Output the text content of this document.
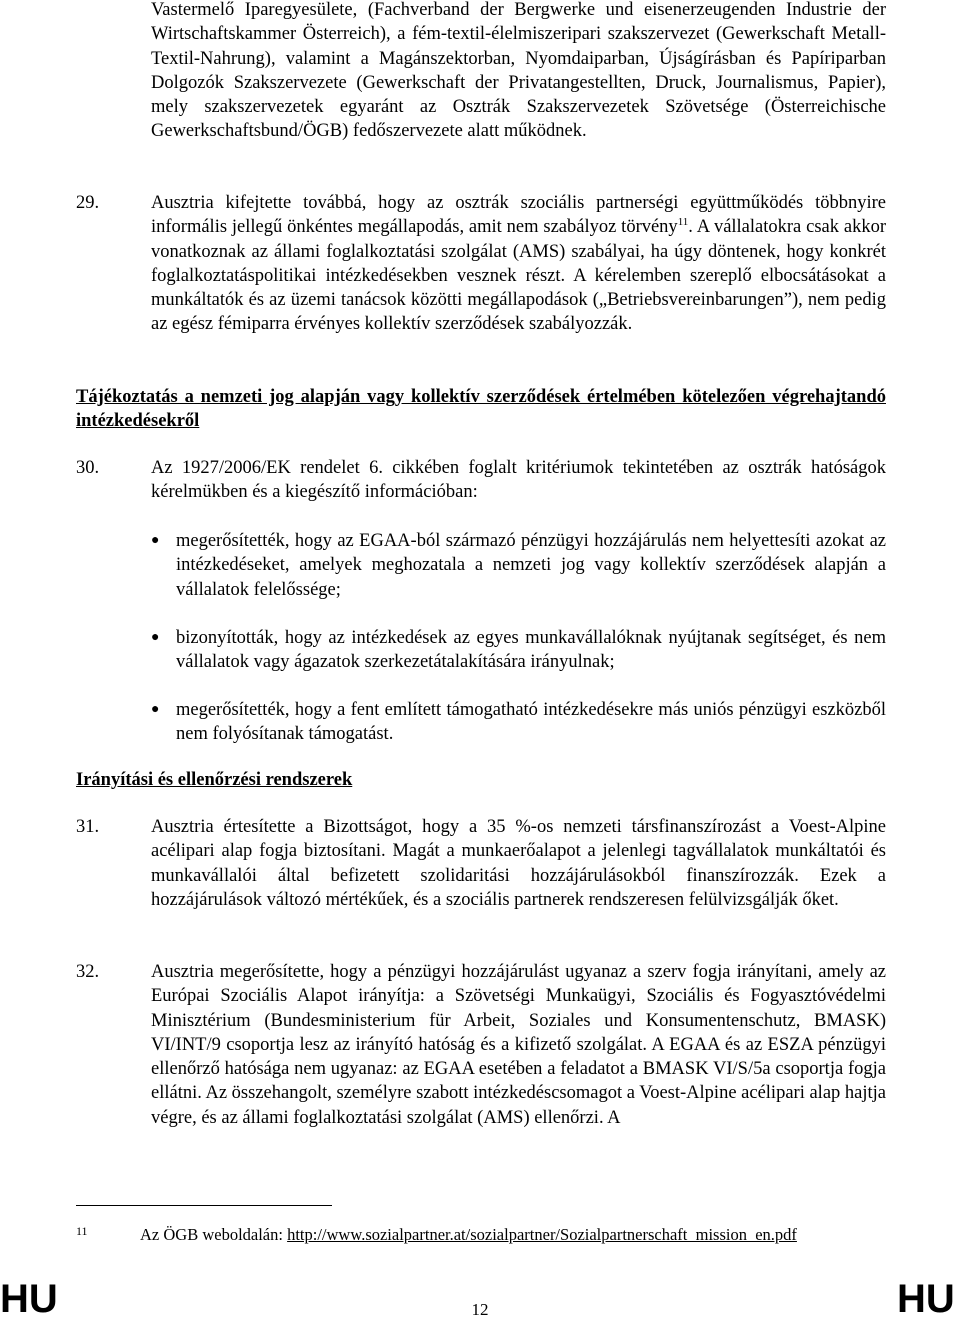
Vastermelő Iparegyesülete, (Fachverband der Bergwerke und eisenerzeugenden Industrie der Wirtschaftskammer Österreich), a fém-textil-élelmiszeripari szakszervezet (Gewerkschaft Metall-Textil-Nahrung), valamint a Magánszektorban, Nyomdaiparban, Újságírásban és Papíriparban Dolgozók Szakszervezete (Gewerkschaft der Privatangestellten, Druck, Journalismus, Papier), mely szakszervezetek egyaránt az Osztrák Szakszervezetek Szövetsége (Österreichische Gewerkschaftsbund/ÖGB) fedőszervezete alatt működnek.
29.	Ausztria kifejtette továbbá, hogy az osztrák szociális partnerségi együttműködés többnyire informális jellegű önkéntes megállapodás, amit nem szabályoz törvény$^{11}$. A vállalatokra csak akkor vonatkoznak az állami foglalkoztatási szolgálat (AMS) szabályai, ha úgy döntenek, hogy konkrét foglalkoztatáspolitikai intézkedésekben vesznek részt. A kérelemben szereplő elbocsátásokat a munkáltatók és az üzemi tanácsok közötti megállapodások („Betriebsvereinbarungen”), nem pedig az egész fémiparra érvényes kollektív szerződések szabályozzák.
Tájékoztatás a nemzeti jog alapján vagy kollektív szerződések értelmében kötelezően végrehajtandó intézkedésekről
30.	Az 1927/2006/EK rendelet 6. cikkében foglalt kritériumok tekintetében az osztrák hatóságok kérelmükben és a kiegészítő információban:
● megerősítették, hogy az EGAA-ból származó pénzügyi hozzájárulás nem helyettesíti azokat az intézkedéseket, amelyek meghozatala a nemzeti jog vagy kollektív szerződések alapján a vállalatok felelőssége;
● bizonyították, hogy az intézkedések az egyes munkavállalóknak nyújtanak segítséget, és nem vállalatok vagy ágazatok szerkezetátalakítására irányulnak;
● megerősítették, hogy a fent említett támogatható intézkedésekre más uniós pénzügyi eszközből nem folyósítanak támogatást.
Irányítási és ellenőrzési rendszerek
31.	Ausztria értesítette a Bizottságot, hogy a 35 %-os nemzeti társfinanszírozást a Voest-Alpine acélipari alap fogja biztosítani. Magát a munkaerőalapot a jelenlegi tagvállalatok munkáltatói és munkavállalói által befizetett szolidaritási hozzájárulásokból finanszírozzák. Ezek a hozzájárulások változó mértékűek, és a szociális partnerek rendszeresen felülvizsgálják őket.
32.	Ausztria megerősítette, hogy a pénzügyi hozzájárulást ugyanaz a szerv fogja irányítani, amely az Európai Szociális Alapot irányítja: a Szövetségi Munkaügyi, Szociális és Fogyasztóvédelmi Minisztérium (Bundesministerium für Arbeit, Soziales und Konsumentenschutz, BMASK) VI/INT/9 csoportja lesz az irányító hatóság és a kifizető szolgálat. A EGAA és az ESZA pénzügyi ellenőrző hatósága nem ugyanaz: az EGAA esetében a feladatot a BMASK VI/S/5a csoportja fogja ellátni. Az összehangolt, személyre szabott intézkedéscsomagot a Voest-Alpine acélipari alap hajtja végre, és az állami foglalkoztatási szolgálat (AMS) ellenőrzi. A
11	Az ÖGB weboldalán: http://www.sozialpartner.at/sozialpartner/Sozialpartnerschaft_mission_en.pdf
HU	12	HU
